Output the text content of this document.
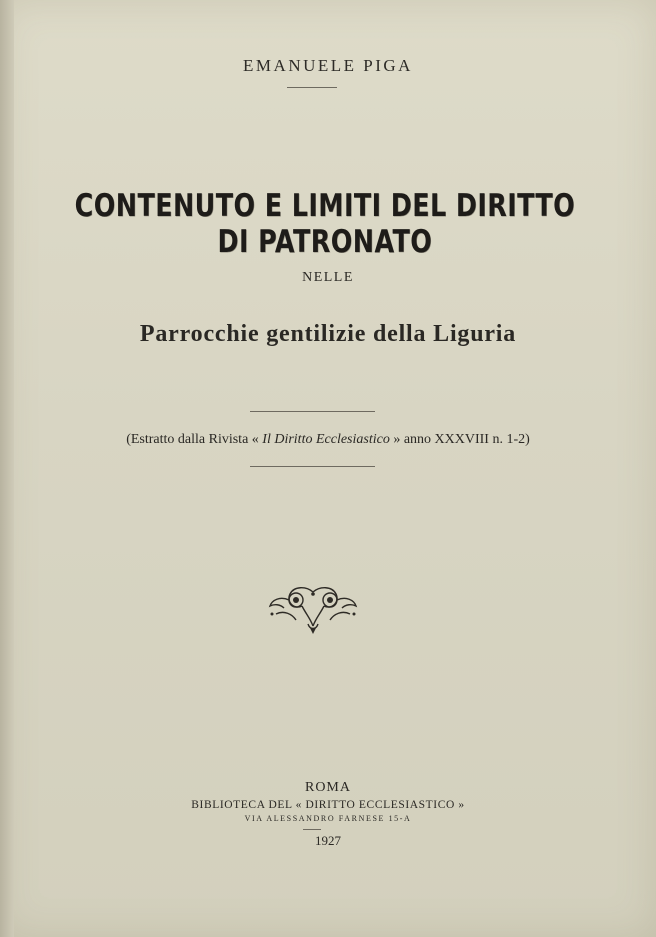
EMANUELE PIGA
CONTENUTO E LIMITI DEL DIRITTO DI PATRONATO
NELLE
Parrocchie gentilizie della Liguria
(Estratto dalla Rivista « Il Diritto Ecclesiastico » anno XXXVIII n. 1-2)
ROMA
BIBLIOTECA DEL « DIRITTO ECCLESIASTICO »
VIA ALESSANDRO FARNESE 15-A
1927
